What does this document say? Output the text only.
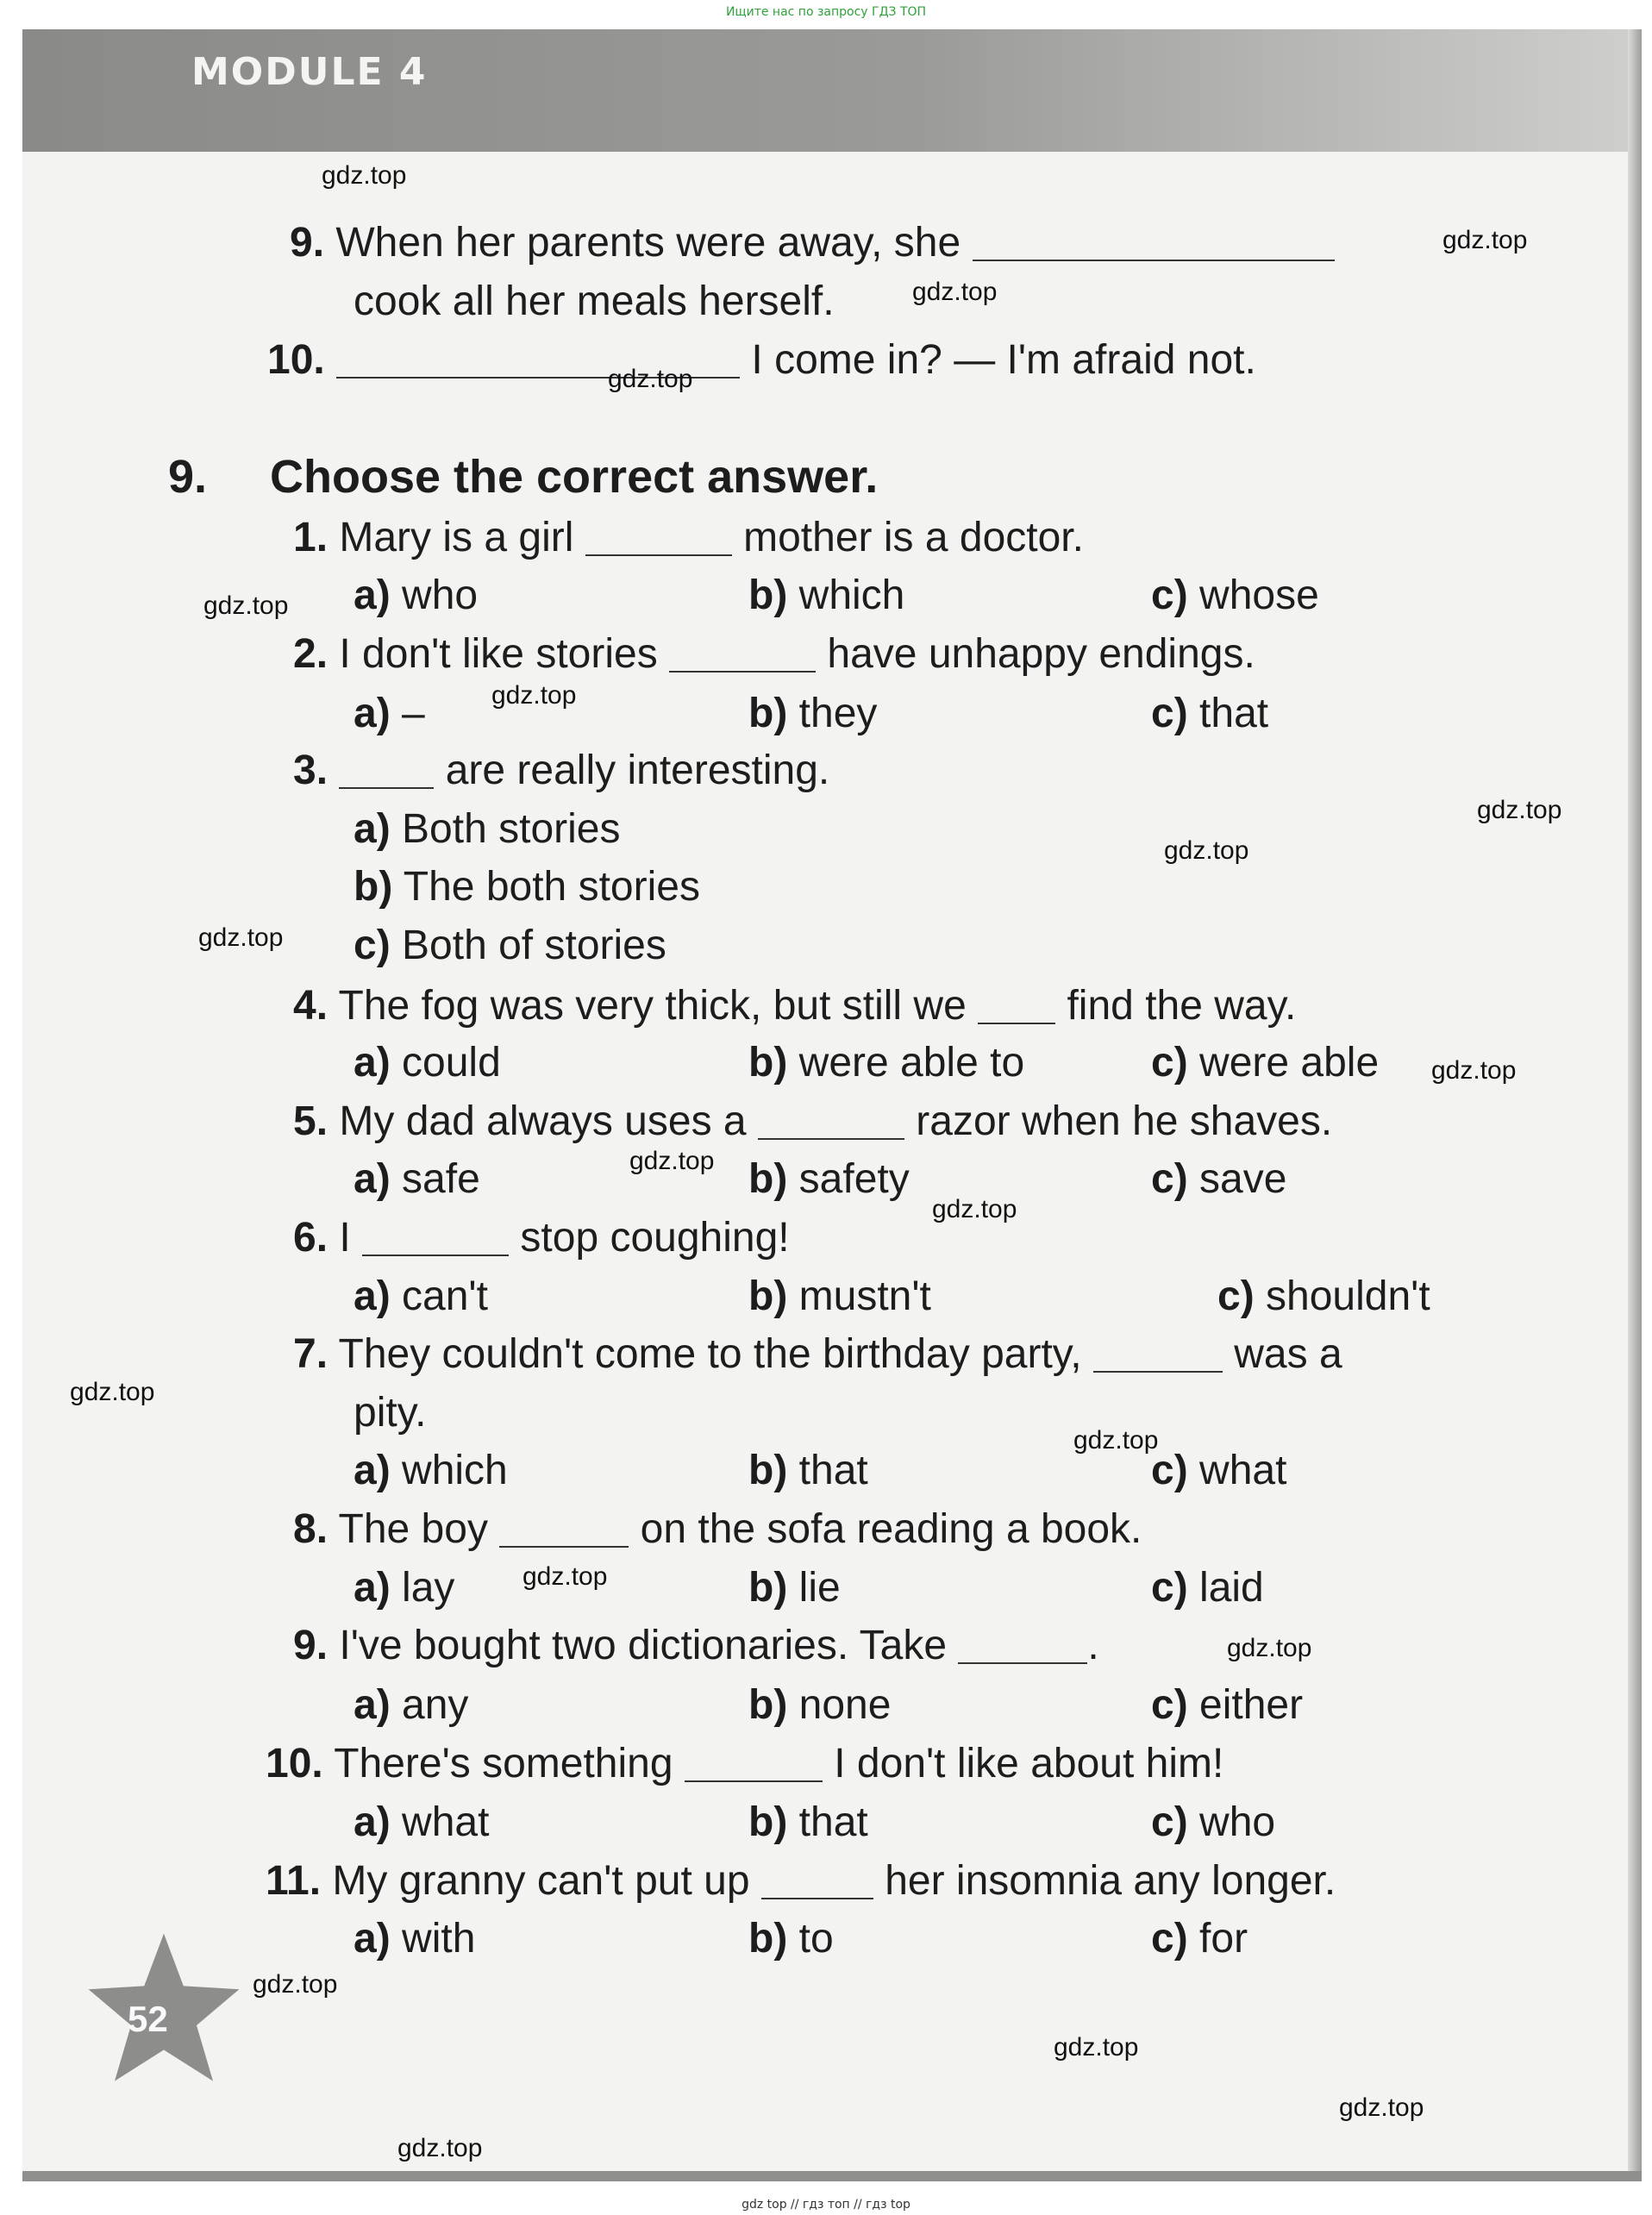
Ищите нас по запросу ГДЗ ТОП
MODULE 4
9. When her parents were away, she
cook all her meals herself.
10.	I come in? — I'm afraid not.
9. Choose the correct answer.
1. Mary is a girl	mother is a doctor.
a) who	b) which	c) whose
2. I don't like stories	have unhappy endings.
a) –	b) they	c) that
3.	are really interesting.
a) Both stories
b) The both stories
c) Both of stories
4. The fog was very thick, but still we find the way.
a) could	b) were able to	c) were able
5. My dad always uses a	razor when he shaves.
a) safe	b) safety	c) save
6. I	stop coughing!
a) can't	b) mustn't	c) shouldn't
7. They couldn't come to the birthday party,	was a
pity.
a) which	b) that	c) what
8. The boy	on the sofa reading a book.
a) lay	b) lie	c) laid
9. I've bought two dictionaries. Take	.
a) any	b) none	c) either
10. There's something	I don't like about him!
a) what	b) that	c) who
11. My granny can't put up	her insomnia any longer.
a) with	b) to	c) for
52
gdz.top
gdz.top
gdz.top
gdz.top
gdz.top
gdz.top
gdz.top
gdz.top
gdz.top
gdz.top
gdz.top
gdz.top
gdz.top
gdz.top
gdz.top
gdz.top
gdz.top
gdz.top
gdz.top
gdz.top
gdz top // гдз топ // гдз top
